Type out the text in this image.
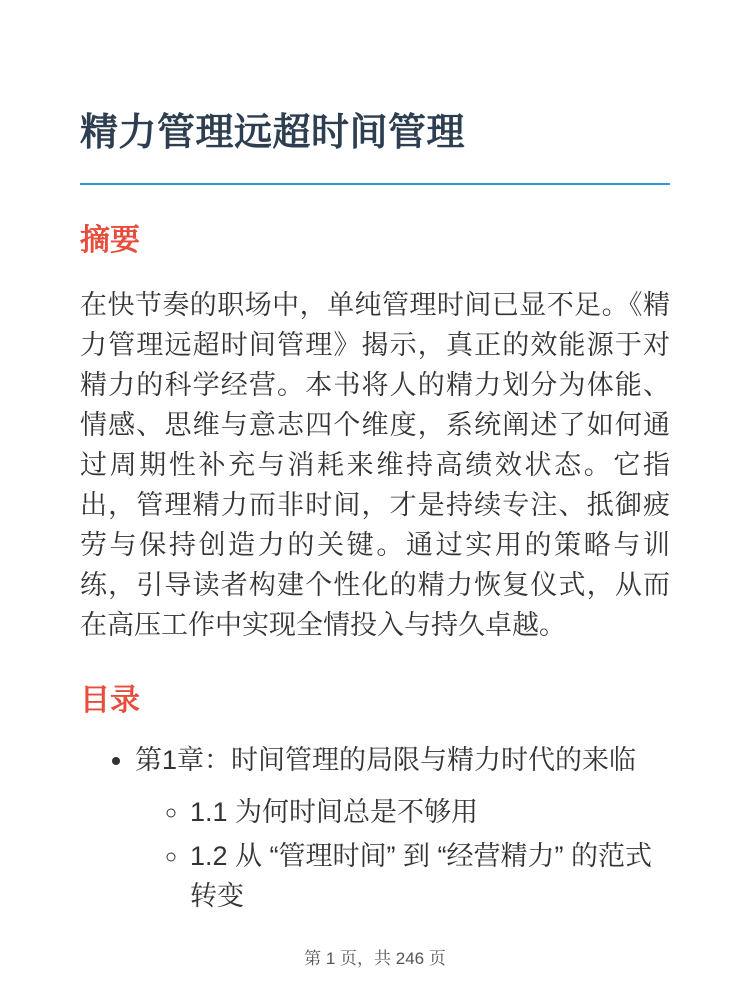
精力管理远超时间管理
摘要

在快节奏的职场中，单纯管理时间已显不足。《精力管理远超时间管理》揭示，真正的效能源于对精力的科学经营。本书将人的精力划分为体能、情感、思维与意志四个维度，系统阐述了如何通过周期性补充与消耗来维持高绩效状态。它指出，管理精力而非时间，才是持续专注、抵御疲劳与保持创造力的关键。通过实用的策略与训练，引导读者构建个性化的精力恢复仪式，从而在高压工作中实现全情投入与持久卓越。

目录
• 第1章：时间管理的局限与精力时代的来临
◦ 1.1 为何时间总是不够用
◦ 1.2 从 “管理时间” 到 “经营精力” 的范式转变
第 1 页，共 246 页
